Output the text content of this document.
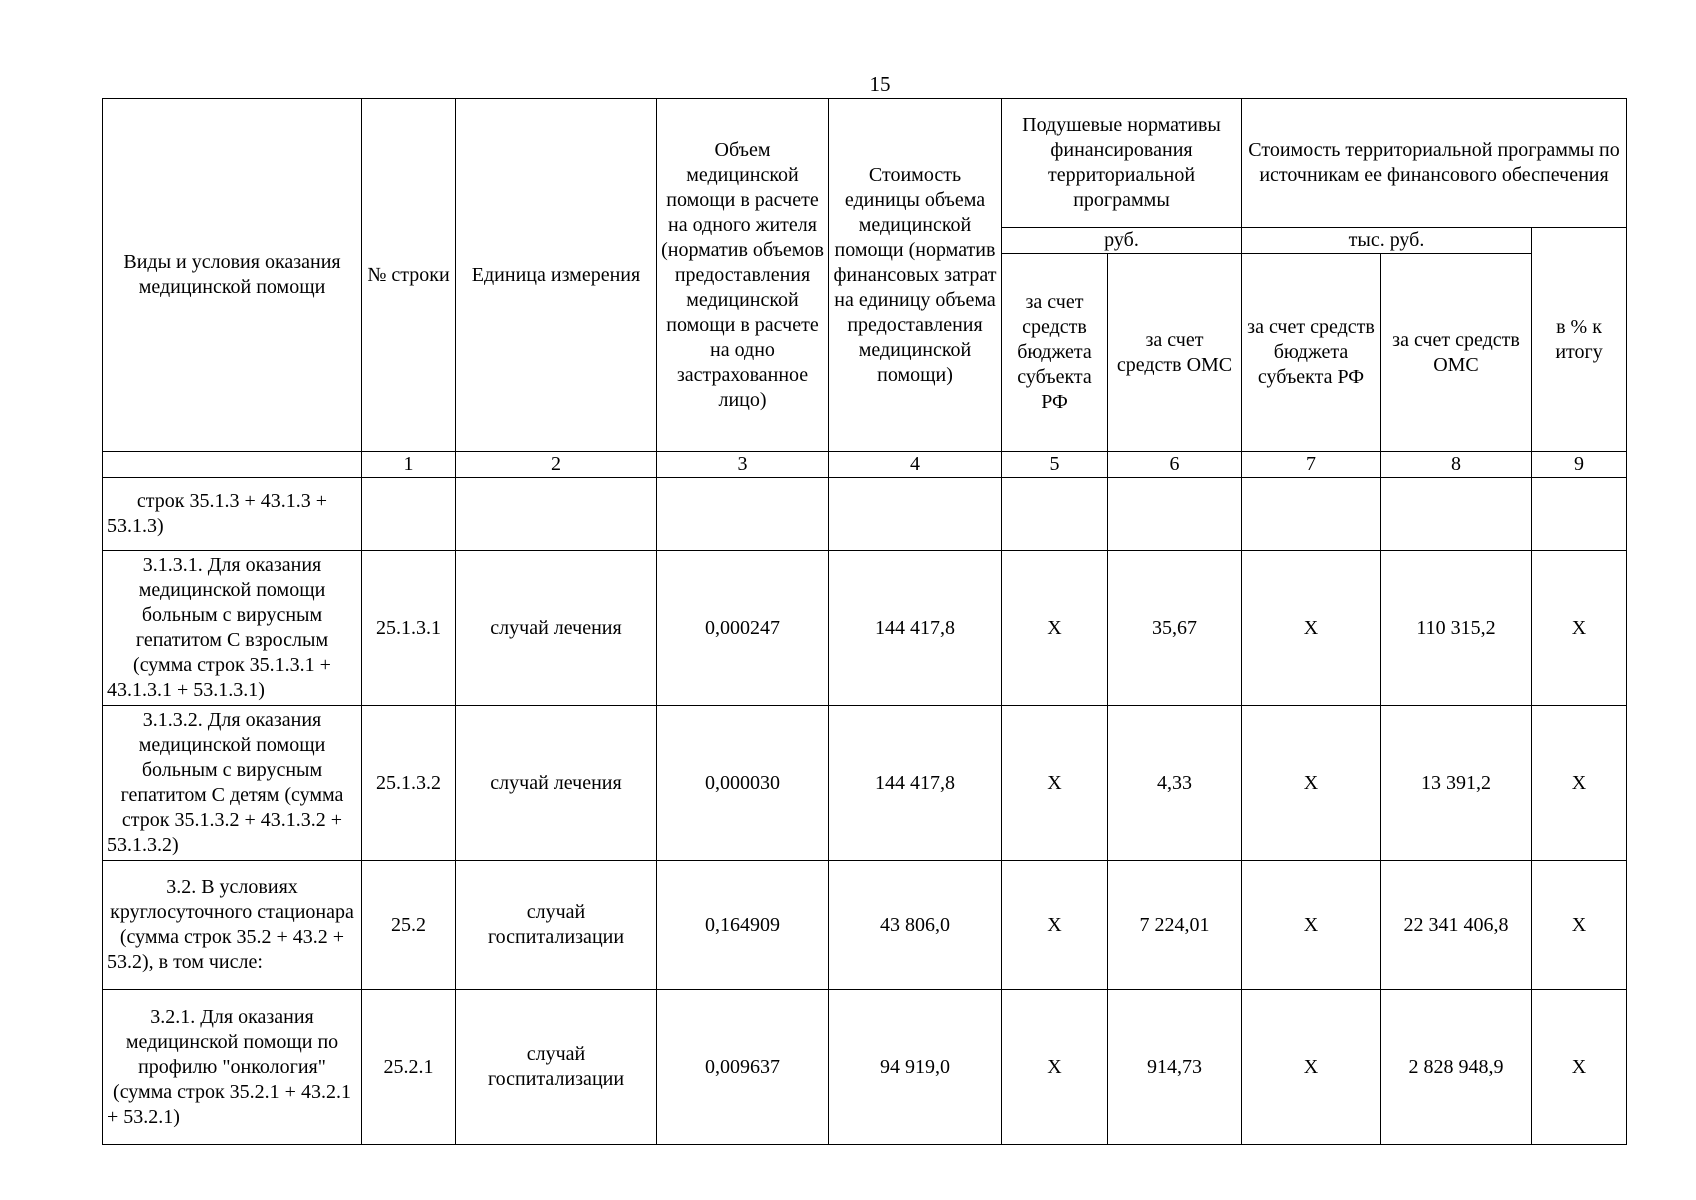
15
Виды и условия оказания медицинской помощи	№ строки	Единица измерения	Объем медицинской помощи в расчете на одного жителя (норматив объемов предоставления медицинской помощи в расчете на одно застрахованное лицо)	Стоимость единицы объема медицинской помощи (норматив финансовых затрат на единицу объема предоставления медицинской помощи)	Подушевые нормативы финансирования территориальной программы		Стоимость территориальной программы по источникам ее финансового обеспечения		
					руб.		тыс. руб.		в % к итогу
					за счет средств бюджета субъекта РФ	за счет средств ОМС	за счет средств бюджета субъекта РФ	за счет средств ОМС	
	1	2	3	4	5	6	7	8	9
строк 35.1.3 + 43.1.3 + 53.1.3)									
3.1.3.1. Для оказания медицинской помощи больным с вирусным гепатитом С взрослым (сумма строк 35.1.3.1 + 43.1.3.1 + 53.1.3.1)	25.1.3.1	случай лечения	0,000247	144 417,8	X	35,67	X	110 315,2	X
3.1.3.2. Для оказания медицинской помощи больным с вирусным гепатитом С детям (сумма строк 35.1.3.2 + 43.1.3.2 + 53.1.3.2)	25.1.3.2	случай лечения	0,000030	144 417,8	X	4,33	X	13 391,2	X
3.2. В условиях круглосуточного стационара (сумма строк 35.2 + 43.2 + 53.2), в том числе:	25.2	случай госпитализации	0,164909	43 806,0	X	7 224,01	X	22 341 406,8	X
3.2.1. Для оказания медицинской помощи по профилю "онкология" (сумма строк 35.2.1 + 43.2.1 + 53.2.1)	25.2.1	случай госпитализации	0,009637	94 919,0	X	914,73	X	2 828 948,9	X
